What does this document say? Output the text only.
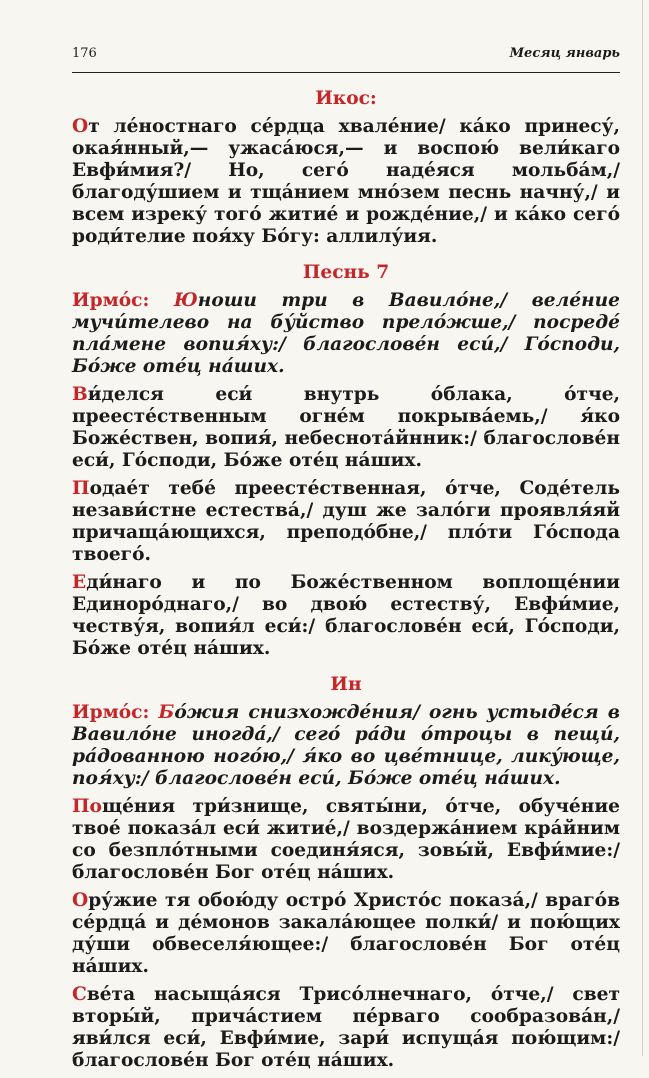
176	Месяц январь
Икос:

От ле́ностнаго се́рдца хвале́ние/ ка́ко принесу́, окая́нный,— ужаса́юся,— и воспою́ вели́каго Евфи́мия?/ Но, сего́ наде́яся мольба́м,/ благоду́шием и тща́нием мно́зем песнь начну́,/ и всем изреку́ того́ житие́ и рожде́ние,/ и ка́ко сего́ роди́телие поя́ху Бо́гу: аллилу́ия.

Песнь 7

Ирмо́с: Юноши три в Вавило́не,/ веле́ние мучи́телево на бу́йство прело́жше,/ посреде́ пла́мене вопия́ху:/ благослове́н еси́,/ Го́споди, Бо́же оте́ц на́ших.

Ви́делся еси́ внутрь о́блака, о́тче, преесте́ственным огне́м покрыва́емь,/ я́ко Боже́ствен, вопия́, небеснота́йнник:/ благослове́н еси́, Го́споди, Бо́же оте́ц на́ших.

Подае́т тебе́ преесте́ственная, о́тче, Соде́тель незави́стне естества́,/ душ же зало́ги проявля́яй причаща́ющихся, преподо́бне,/ пло́ти Го́спода твоего́.

Еди́наго и по Боже́ственном воплоще́нии Единоро́днаго,/ во двою́ естеству́, Евфи́мие, честву́я, вопия́л еси́:/ благослове́н еси́, Го́споди, Бо́же оте́ц на́ших.

Ин

Ирмо́с: Бо́жия снизхожде́ния/ огнь устыде́ся в Вавило́не иногда́,/ сего́ ра́ди о́троцы в пещи́, ра́дованною ного́ю,/ я́ко во цве́тнице, лику́юще, поя́ху:/ благослове́н еси́, Бо́же оте́ц на́ших.

Поще́ния три́знище, святы́ни, о́тче, обуче́ние твое́ показа́л еси́ житие́,/ воздержа́нием кра́йним со безпло́тными соединя́яся, зовы́й, Евфи́мие:/ благослове́н Бог оте́ц на́ших.

Ору́жие тя обою́ду остро́ Христо́с показа́,/ враго́в се́рдца́ и де́монов закала́ющее полки́/ и пою́щих ду́ши обвеселя́ющее:/ благослове́н Бог оте́ц на́ших.

Све́та насыща́яся Трисо́лнечнаго, о́тче,/ свет вторы́й, прича́стием пе́рваго сообразова́н,/ яви́лся еси́, Евфи́мие, зари́ испуща́я пою́щим:/ благослове́н Бог оте́ц на́ших.
